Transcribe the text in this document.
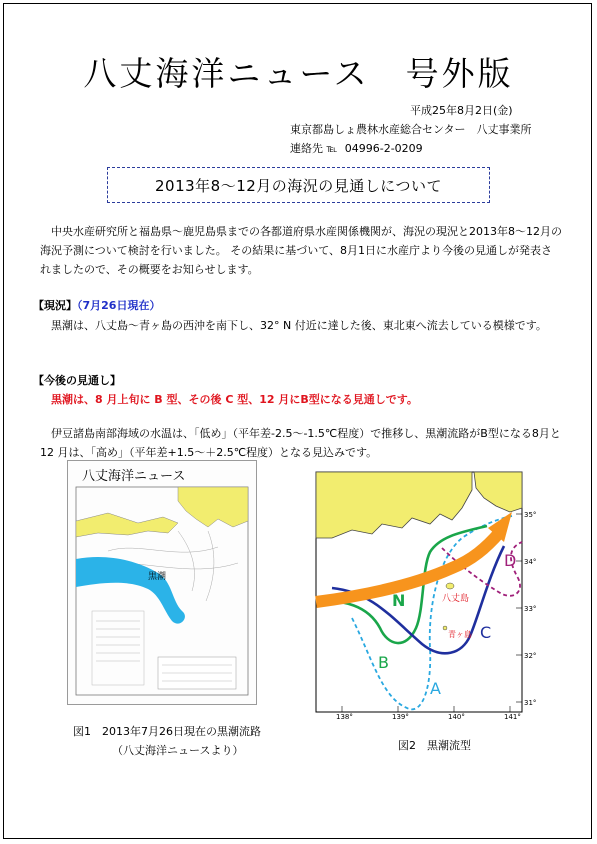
八丈海洋ニュース　号外版
平成25年8月2日(金)
東京都島しょ農林水産総合センター　八丈事業所
連絡先 ℡ 04996-2-0209
2013年8～12月の海況の見通しについて
中央水産研究所と福島県～鹿児島県までの各都道府県水産関係機関が、海況の現況と2013年8～12月の海況予測について検討を行いました。 その結果に基づいて、8月1日に水産庁より今後の見通しが発表されましたので、その概要をお知らせします。
【現況】（7月26日現在）
黒潮は、八丈島～青ヶ島の西沖を南下し、32° N 付近に達した後、東北東へ流去している模様です。
【今後の見通し】
黒潮は、8 月上旬に B 型、その後 C 型、12 月にB型になる見通しです。
伊豆諸島南部海域の水温は、「低め」（平年差-2.5～-1.5℃程度）で推移し、黒潮流路がB型になる8月と 12 月は、「高め」（平年差+1.5～＋2.5℃程度）となる見込みです。
八丈海洋ニュース
黒潮
138°	139°	140°	141°
35°
34°
33°
32°
31°
八丈島
青ヶ島
N
A
B
C
D
図1　2013年7月26日現在の黒潮流路
（八丈海洋ニュースより）	図2　黒潮流型
